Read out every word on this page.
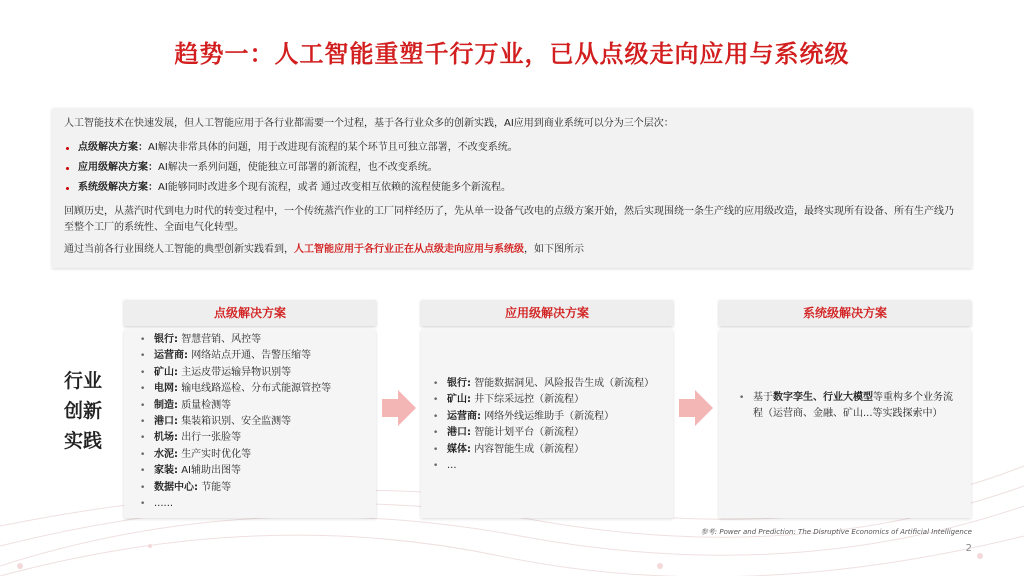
趋势一：人工智能重塑千行万业，已从点级走向应用与系统级

人工智能技术在快速发展，但人工智能应用于各行业都需要一个过程，基于各行业众多的创新实践，AI应用到商业系统可以分为三个层次：

点级解决方案：AI解决非常具体的问题，用于改进现有流程的某个环节且可独立部署，不改变系统。
应用级解决方案：AI解决一系列问题，使能独立可部署的新流程，也不改变系统。
系统级解决方案：AI能够同时改进多个现有流程，或者 通过改变相互依赖的流程使能多个新流程。

回顾历史，从蒸汽时代到电力时代的转变过程中，一个传统蒸汽作业的工厂同样经历了，先从单一设备气改电的点级方案开始，然后实现围绕一条生产线的应用级改造，最终实现所有设备、所有生产线乃至整个工厂的系统性、全面电气化转型。

通过当前各行业围绕人工智能的典型创新实践看到，人工智能应用于各行业正在从点级走向应用与系统级，如下图所示

行业
创新
实践
点级解决方案
• 银行: 智慧营销、风控等
• 运营商: 网络站点开通、告警压缩等
• 矿山: 主运皮带运输异物识别等
• 电网: 输电线路巡检、分布式能源管控等
• 制造: 质量检测等
• 港口: 集装箱识别、安全监测等
• 机场: 出行一张脸等
• 水泥: 生产实时优化等
• 家装: AI辅助出图等
• 数据中心: 节能等
• ......
应用级解决方案
• 银行: 智能数据洞见、风险报告生成（新流程）
• 矿山: 井下综采远控（新流程）
• 运营商: 网络外线运维助手（新流程）
• 港口: 智能计划平台（新流程）
• 媒体: 内容智能生成（新流程）
• ...
系统级解决方案
• 基于数字孪生、行业大模型等重构多个业务流程（运营商、金融、矿山...等实践探索中）
参考: Power and Prediction: The Disruptive Economics of Artificial Intelligence
2
